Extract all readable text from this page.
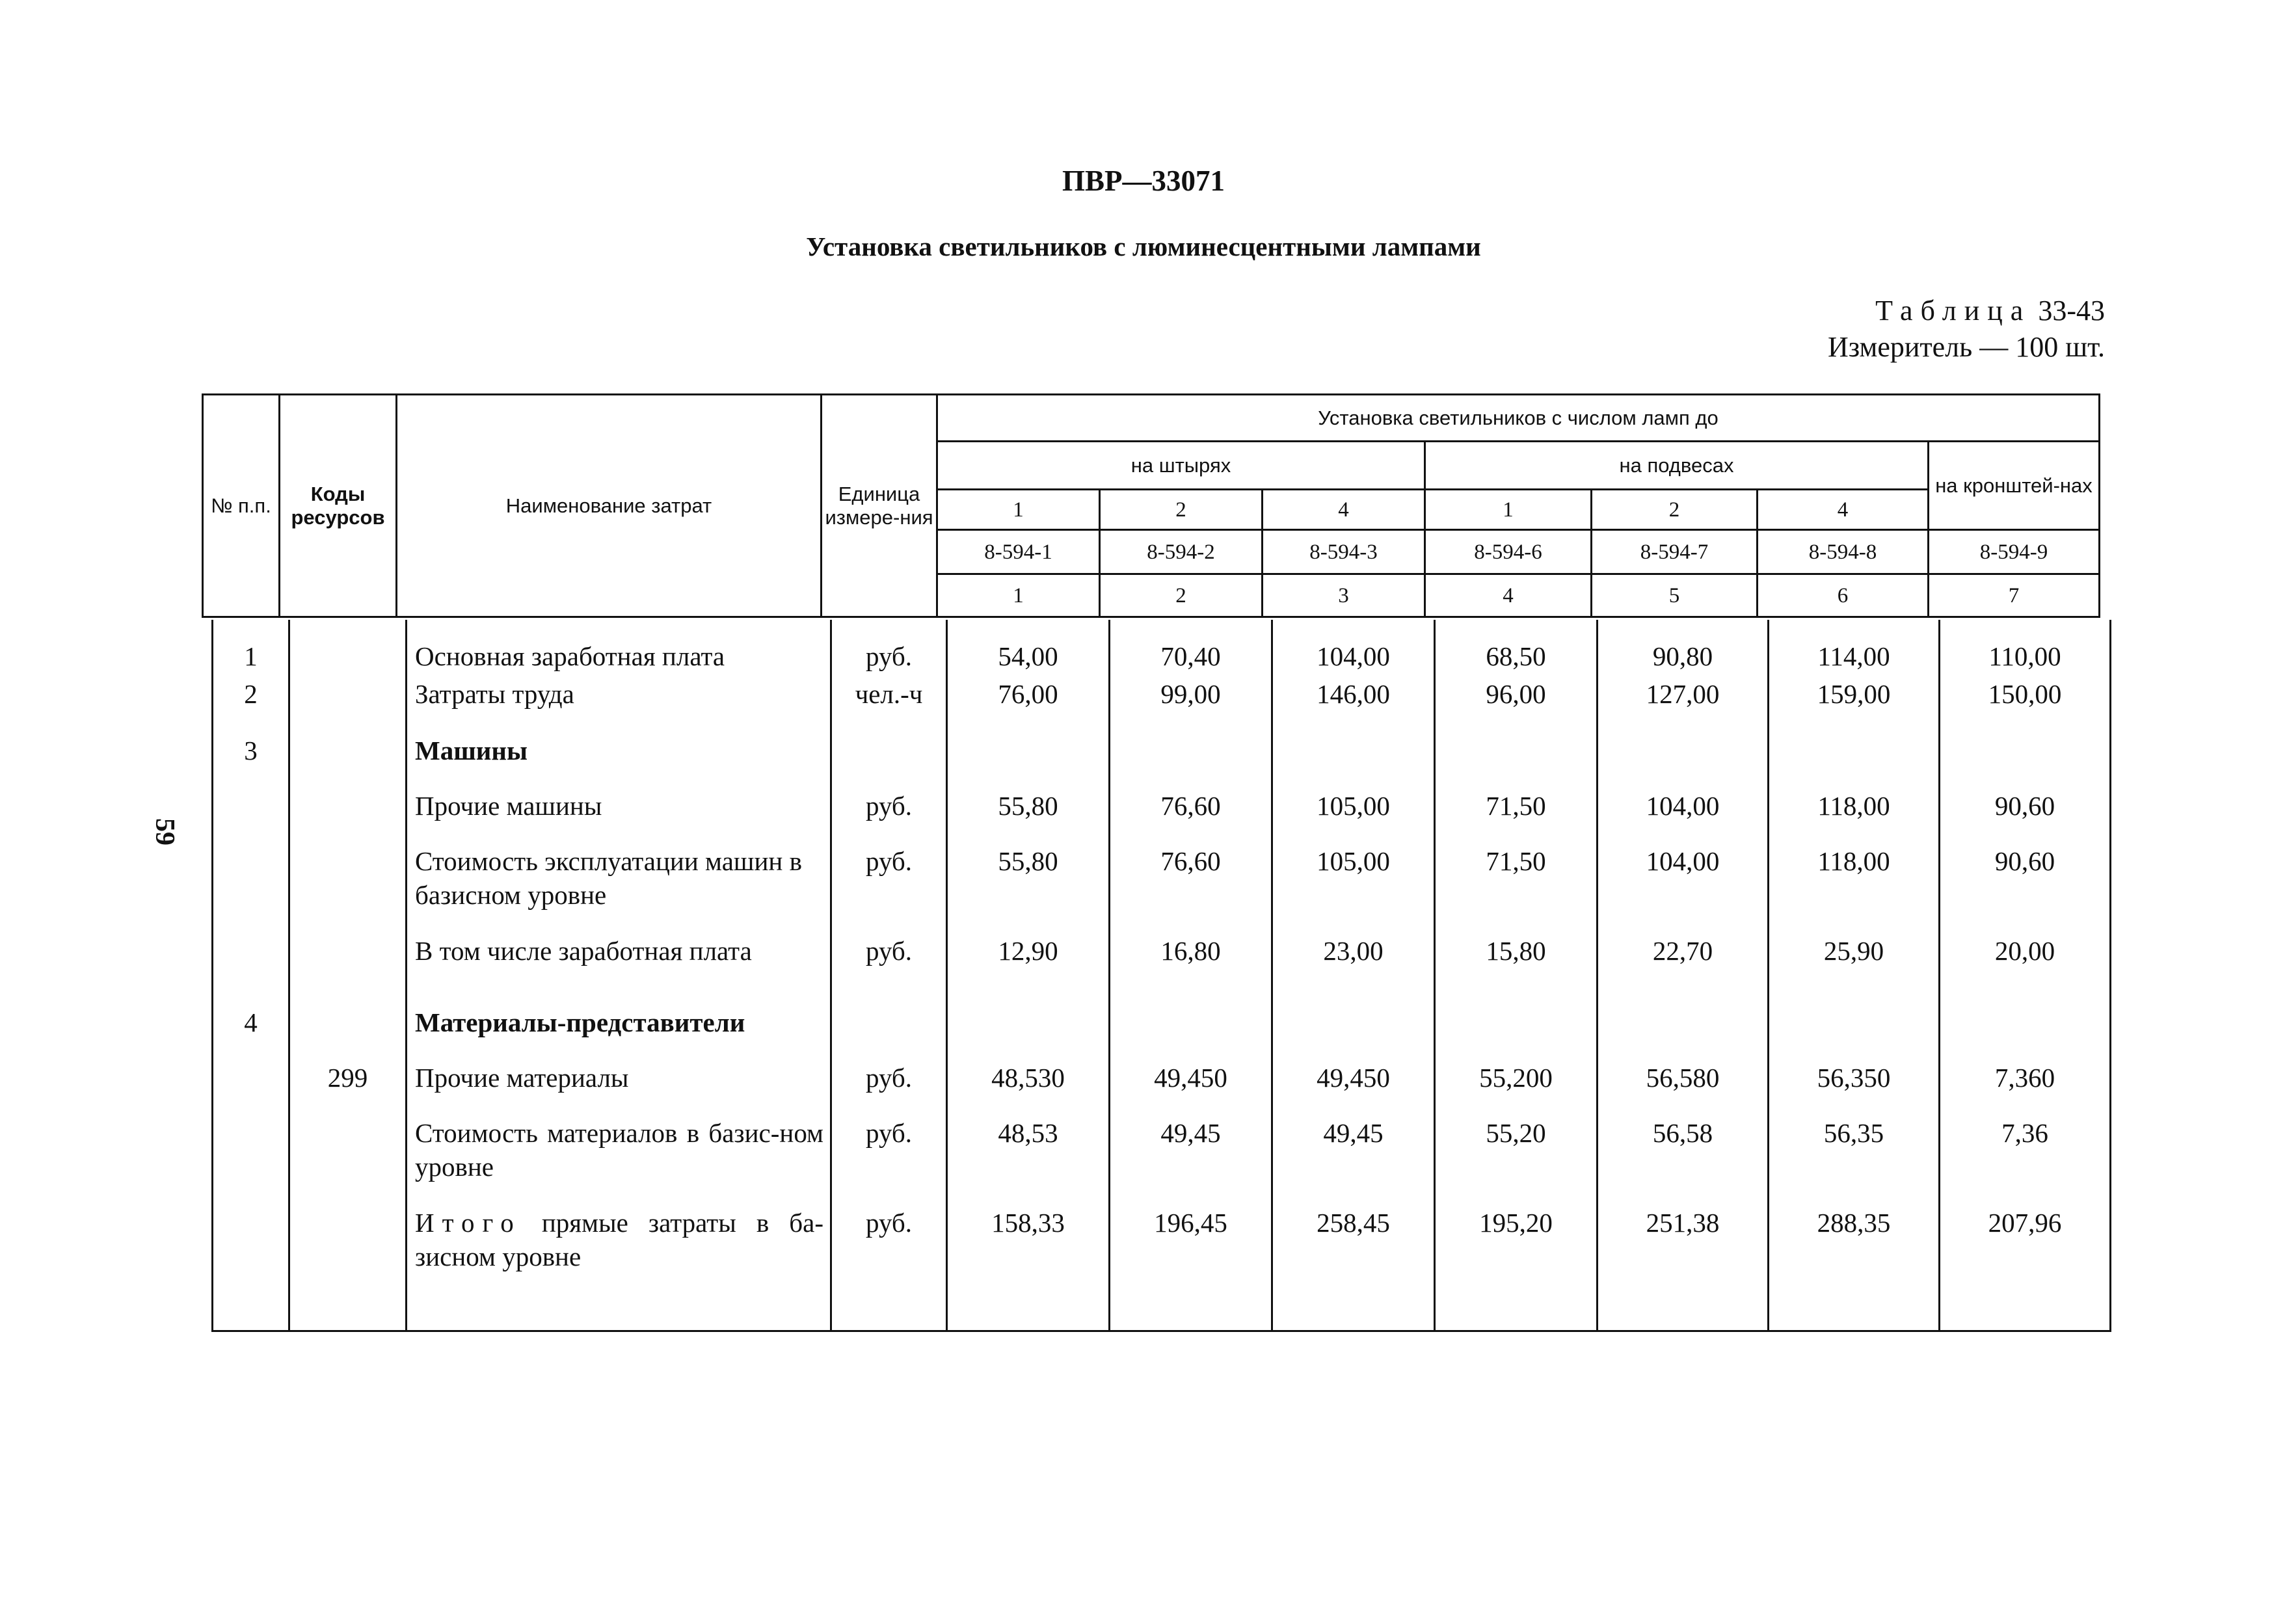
ПВР—33071
Установка светильников с люминесцентными лампами
Таблица 33-43
Измеритель — 100 шт.
59
№ п.п.	Коды ресурсов	Наименование затрат	Единица измере-ния	Установка светильников с числом ламп до						
				на штырях			на подвесах			на кронштей-нах
				1	2	4	1	2	4	
				8-594-1	8-594-2	8-594-3	8-594-6	8-594-7	8-594-8	8-594-9
				1	2	3	4	5	6	7
1		Основная заработная плата	руб.	54,00	70,40	104,00	68,50	90,80	114,00	110,00
2		Затраты труда	чел.-ч	76,00	99,00	146,00	96,00	127,00	159,00	150,00
3		Машины								
		Прочие машины	руб.	55,80	76,60	105,00	71,50	104,00	118,00	90,60
		Стоимость эксплуатации машин в базисном уровне	руб.	55,80	76,60	105,00	71,50	104,00	118,00	90,60
		В том числе заработная плата	руб.	12,90	16,80	23,00	15,80	22,70	25,90	20,00
4		Материалы-представители								
	299	Прочие материалы	руб.	48,530	49,450	49,450	55,200	56,580	56,350	7,360
		Стоимость материалов в базис-ном уровне	руб.	48,53	49,45	49,45	55,20	56,58	56,35	7,36
		Итого прямые затраты в ба-зисном уровне	руб.	158,33	196,45	258,45	195,20	251,38	288,35	207,96
